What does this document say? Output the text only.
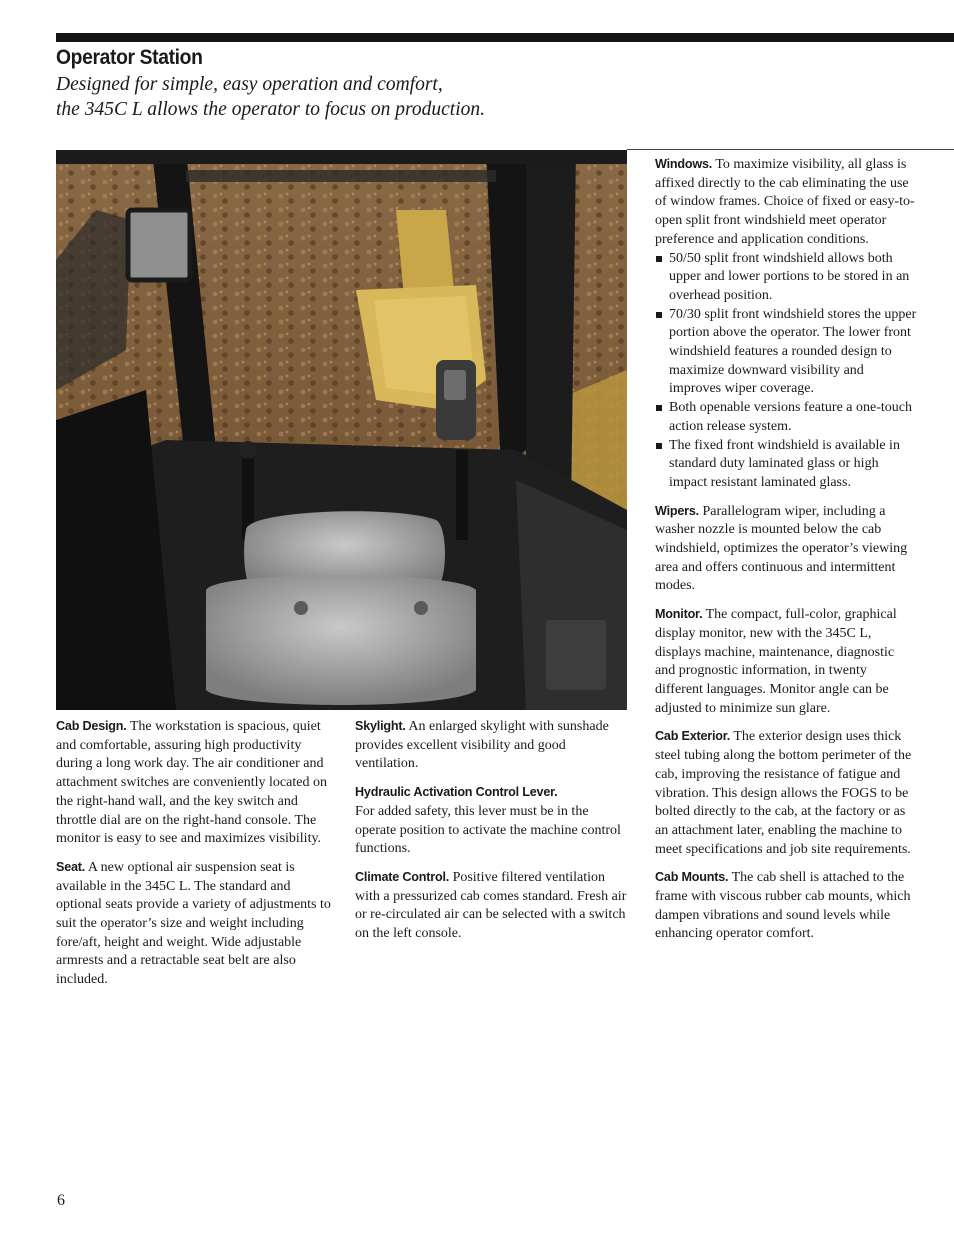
Operator Station

Designed for simple, easy operation and comfort,
the 345C L allows the operator to focus on production.

Cab Design. The workstation is spacious, quiet and comfortable, assuring high productivity during a long work day. The air conditioner and attachment switches are conveniently located on the right-hand wall, and the key switch and throttle dial are on the right-hand console. The monitor is easy to see and maximizes visibility.

Seat. A new optional air suspension seat is available in the 345C L. The standard and optional seats provide a variety of adjustments to suit the operator’s size and weight including fore/aft, height and weight. Wide adjustable armrests and a retractable seat belt are also included.

Skylight. An enlarged skylight with sunshade provides excellent visibility and good ventilation.

Hydraulic Activation Control Lever.
For added safety, this lever must be in the operate position to activate the machine control functions.

Climate Control. Positive filtered ventilation with a pressurized cab comes standard. Fresh air or re-circulated air can be selected with a switch on the left console.

Windows. To maximize visibility, all glass is affixed directly to the cab eliminating the use of window frames. Choice of fixed or easy-to-open split front windshield meet operator preference and application conditions.

50/50 split front windshield allows both upper and lower portions to be stored in an overhead position.
70/30 split front windshield stores the upper portion above the operator. The lower front windshield features a rounded design to maximize downward visibility and improves wiper coverage.
Both openable versions feature a one-touch action release system.
The fixed front windshield is available in standard duty laminated glass or high impact resistant laminated glass.

Wipers. Parallelogram wiper, including a washer nozzle is mounted below the cab windshield, optimizes the operator’s viewing area and offers continuous and intermittent modes.

Monitor. The compact, full-color, graphical display monitor, new with the 345C L, displays machine, maintenance, diagnostic and prognostic information, in twenty different languages. Monitor angle can be adjusted to minimize sun glare.

Cab Exterior. The exterior design uses thick steel tubing along the bottom perimeter of the cab, improving the resistance of fatigue and vibration. This design allows the FOGS to be bolted directly to the cab, at the factory or as an attachment later, enabling the machine to meet specifications and job site requirements.

Cab Mounts. The cab shell is attached to the frame with viscous rubber cab mounts, which dampen vibrations and sound levels while enhancing operator comfort.

6
